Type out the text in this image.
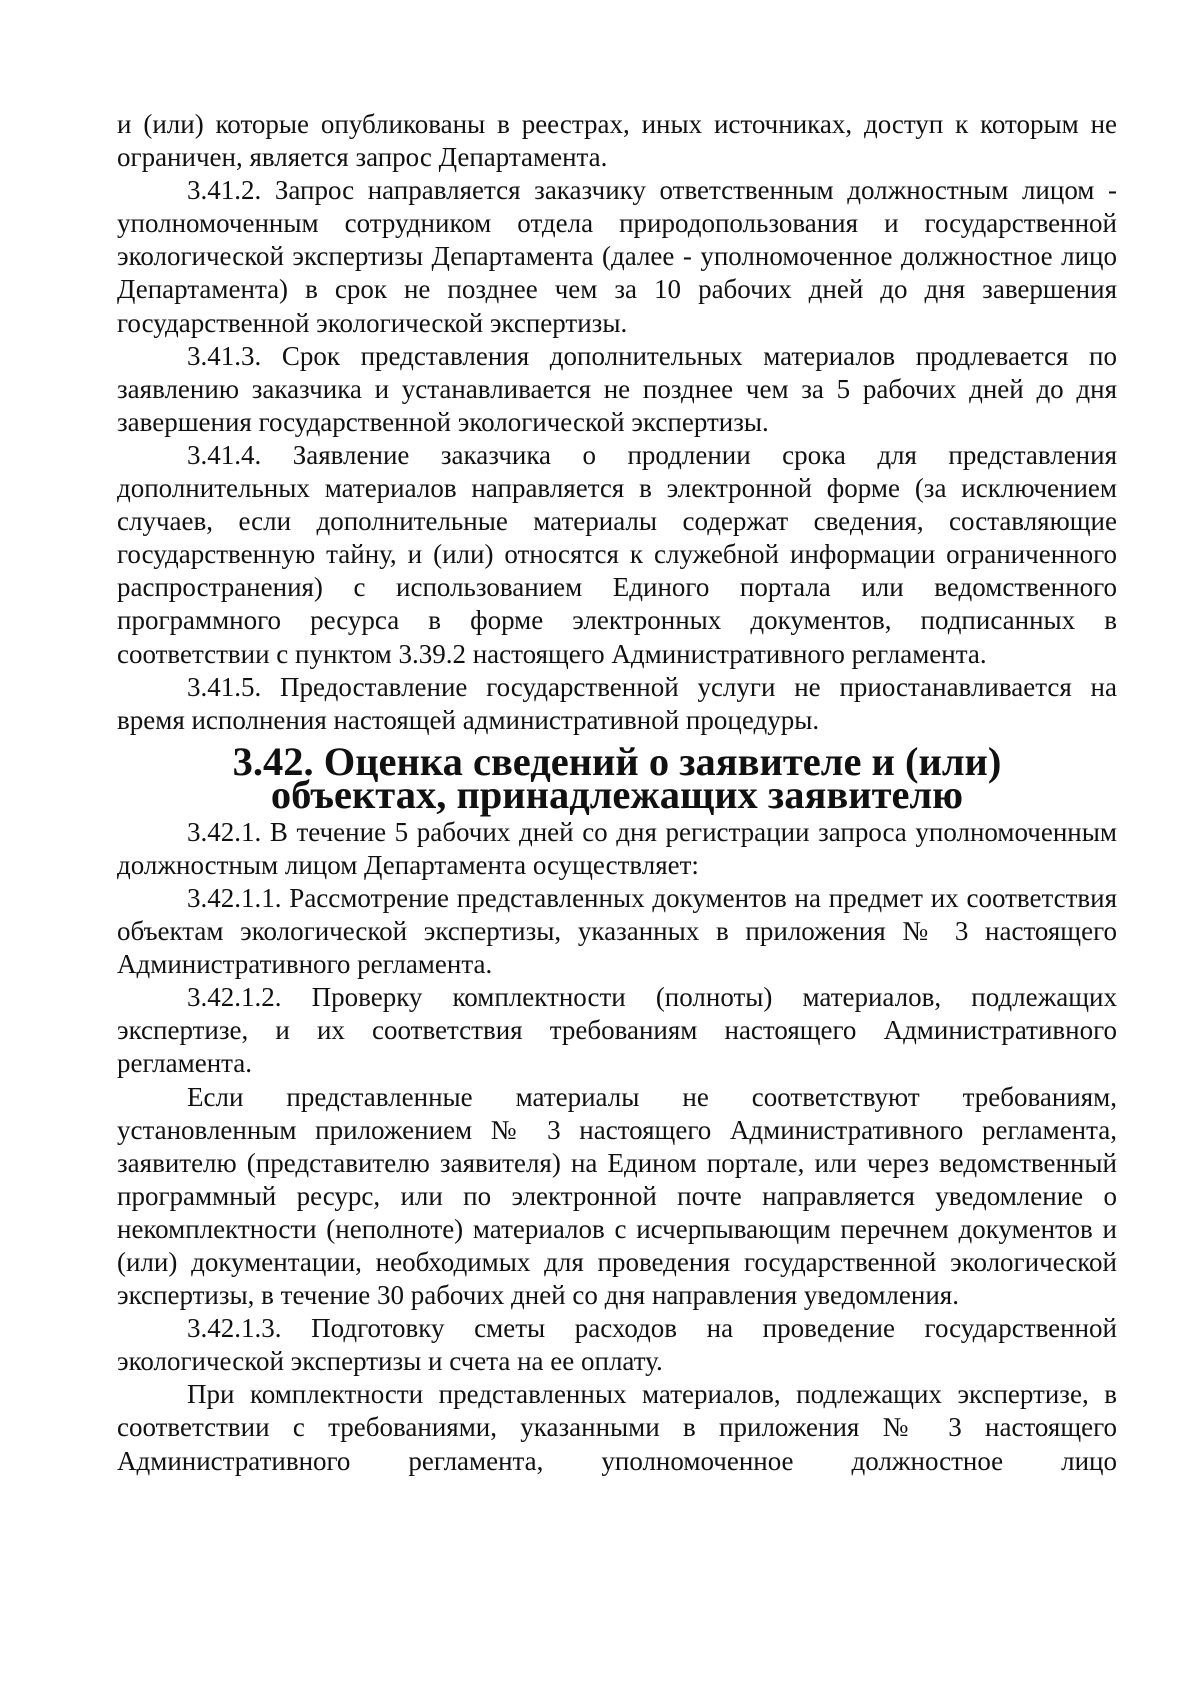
и (или) которые опубликованы в реестрах, иных источниках, доступ к которым не ограничен, является запрос Департамента.

3.41.2. Запрос направляется заказчику ответственным должностным лицом - уполномоченным сотрудником отдела природопользования и государственной экологической экспертизы Департамента (далее - уполномоченное должностное лицо Департамента) в срок не позднее чем за 10 рабочих дней до дня завершения государственной экологической экспертизы.

3.41.3. Срок представления дополнительных материалов продлевается по заявлению заказчика и устанавливается не позднее чем за 5 рабочих дней до дня завершения государственной экологической экспертизы.

3.41.4. Заявление заказчика о продлении срока для представления дополнительных материалов направляется в электронной форме (за исключением случаев, если дополнительные материалы содержат сведения, составляющие государственную тайну, и (или) относятся к служебной информации ограниченного распространения) с использованием Единого портала или ведомственного программного ресурса в форме электронных документов, подписанных в соответствии с пунктом 3.39.2 настоящего Административного регламента.

3.41.5. Предоставление государственной услуги не приостанавливается на время исполнения настоящей административной процедуры.

3.42. Оценка сведений о заявителе и (или) объектах, принадлежащих заявителю

3.42.1. В течение 5 рабочих дней со дня регистрации запроса уполномоченным должностным лицом Департамента осуществляет:

3.42.1.1. Рассмотрение представленных документов на предмет их соответствия объектам экологической экспертизы, указанных в приложения № 3 настоящего Административного регламента.

3.42.1.2. Проверку комплектности (полноты) материалов, подлежащих экспертизе, и их соответствия требованиям настоящего Административного регламента.

Если представленные материалы не соответствуют требованиям, установленным приложением № 3 настоящего Административного регламента, заявителю (представителю заявителя) на Едином портале, или через ведомственный программный ресурс, или по электронной почте направляется уведомление о некомплектности (неполноте) материалов с исчерпывающим перечнем документов и (или) документации, необходимых для проведения государственной экологической экспертизы, в течение 30 рабочих дней со дня направления уведомления.

3.42.1.3. Подготовку сметы расходов на проведение государственной экологической экспертизы и счета на ее оплату.

При комплектности представленных материалов, подлежащих экспертизе, в соответствии с требованиями, указанными в приложения № 3 настоящего Административного регламента, уполномоченное должностное лицо
